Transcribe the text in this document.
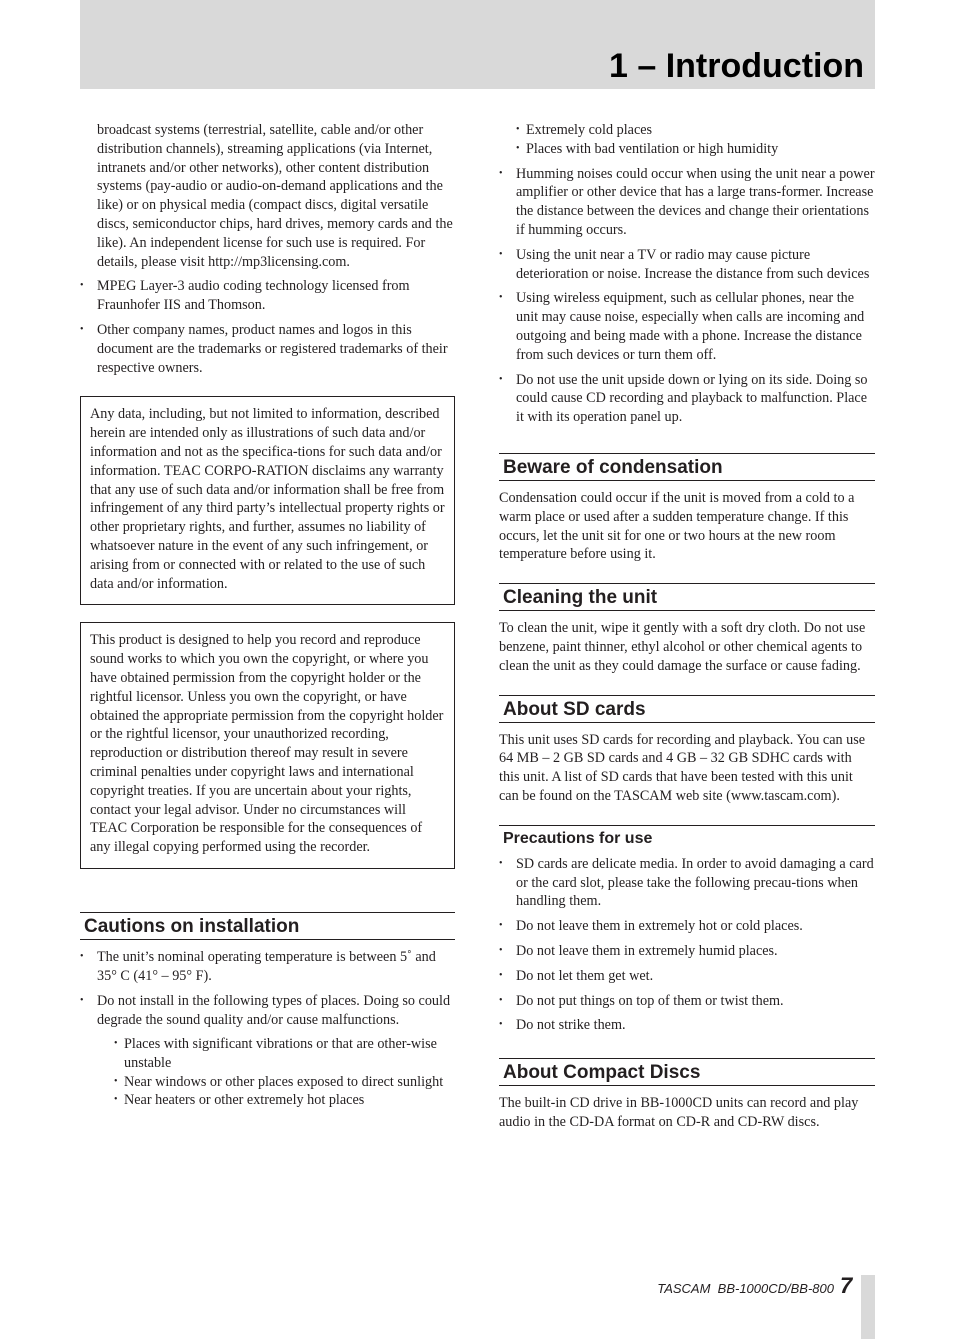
1 – Introduction

broadcast systems (terrestrial, satellite, cable and/or other distribution channels), streaming applications (via Internet, intranets and/or other networks), other content distribution systems (pay-audio or audio-on-demand applications and the like) or on physical media (compact discs, digital versatile discs, semiconductor chips, hard drives, memory cards and the like). An independent license for such use is required. For details, please visit http://mp3licensing.com.

• MPEG Layer-3 audio coding technology licensed from Fraunhofer IIS and Thomson.
• Other company names, product names and logos in this document are the trademarks or registered trademarks of their respective owners.

Any data, including, but not limited to information, described herein are intended only as illustrations of such data and/or information and not as the specifica-tions for such data and/or information. TEAC CORPO-RATION disclaims any warranty that any use of such data and/or information shall be free from infringement of any third party’s intellectual property rights or other proprietary rights, and further, assumes no liability of whatsoever nature in the event of any such infringement, or arising from or connected with or related to the use of such data and/or information.

This product is designed to help you record and reproduce sound works to which you own the copyright, or where you have obtained permission from the copyright holder or the rightful licensor. Unless you own the copyright, or have obtained the appropriate permission from the copyright holder or the rightful licensor, your unauthorized recording, reproduction or distribution thereof may result in severe criminal penalties under copyright laws and international copyright treaties. If you are uncertain about your rights, contact your legal advisor. Under no circumstances will TEAC Corporation be responsible for the consequences of any illegal copying performed using the recorder.

Cautions on installation
• The unit’s nominal operating temperature is between 5˚ and 35° C (41° – 95° F).
• Do not install in the following types of places. Doing so could degrade the sound quality and/or cause malfunctions.
• Places with significant vibrations or that are other-wise unstable
• Near windows or other places exposed to direct sunlight
• Near heaters or other extremely hot places
• Extremely cold places
• Places with bad ventilation or high humidity
• Humming noises could occur when using the unit near a power amplifier or other device that has a large trans-former. Increase the distance between the devices and change their orientations if humming occurs.
• Using the unit near a TV or radio may cause picture deterioration or noise. Increase the distance from such devices
• Using wireless equipment, such as cellular phones, near the unit may cause noise, especially when calls are incoming and outgoing and being made with a phone. Increase the distance from such devices or turn them off.
• Do not use the unit upside down or lying on its side. Doing so could cause CD recording and playback to malfunction. Place it with its operation panel up.
Beware of condensation

Condensation could occur if the unit is moved from a cold to a warm place or used after a sudden temperature change. If this occurs, let the unit sit for one or two hours at the new room temperature before using it.

Cleaning the unit

To clean the unit, wipe it gently with a soft dry cloth. Do not use benzene, paint thinner, ethyl alcohol or other chemical agents to clean the unit as they could damage the surface or cause fading.

About SD cards

This unit uses SD cards for recording and playback. You can use 64 MB – 2 GB SD cards and 4 GB – 32 GB SDHC cards with this unit. A list of SD cards that have been tested with this unit can be found on the TASCAM web site (www.tascam.com).

Precautions for use
• SD cards are delicate media. In order to avoid damaging a card or the card slot, please take the following precau-tions when handling them.
• Do not leave them in extremely hot or cold places.
• Do not leave them in extremely humid places.
• Do not let them get wet.
• Do not put things on top of them or twist them.
• Do not strike them.
About Compact Discs

The built-in CD drive in BB-1000CD units can record and play audio in the CD-DA format on CD-R and CD-RW discs.

TASCAM  BB-1000CD/BB-800 7
